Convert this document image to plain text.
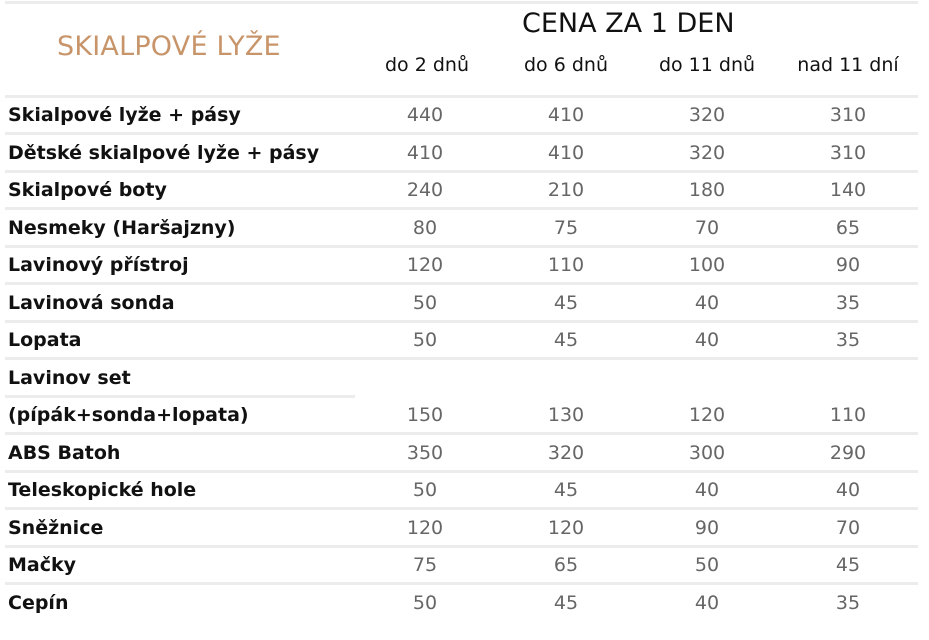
SKIALPOVÉ LYŽE
CENA ZA 1 DEN
do 2 dnů	do 6 dnů	do 11 dnů	nad 11 dní
Skialpové lyže + pásy	440	410	320	310
Dětské skialpové lyže + pásy	410	410	320	310
Skialpové boty	240	210	180	140
Nesmeky (Haršajzny)	80	75	70	65
Lavinový přístroj	120	110	100	90
Lavinová sonda	50	45	40	35
Lopata	50	45	40	35
Lavinov set
(pípák+sonda+lopata)	150	130	120	110
ABS Batoh	350	320	300	290
Teleskopické hole	50	45	40	40
Sněžnice	120	120	90	70
Mačky	75	65	50	45
Cepín	50	45	40	35
